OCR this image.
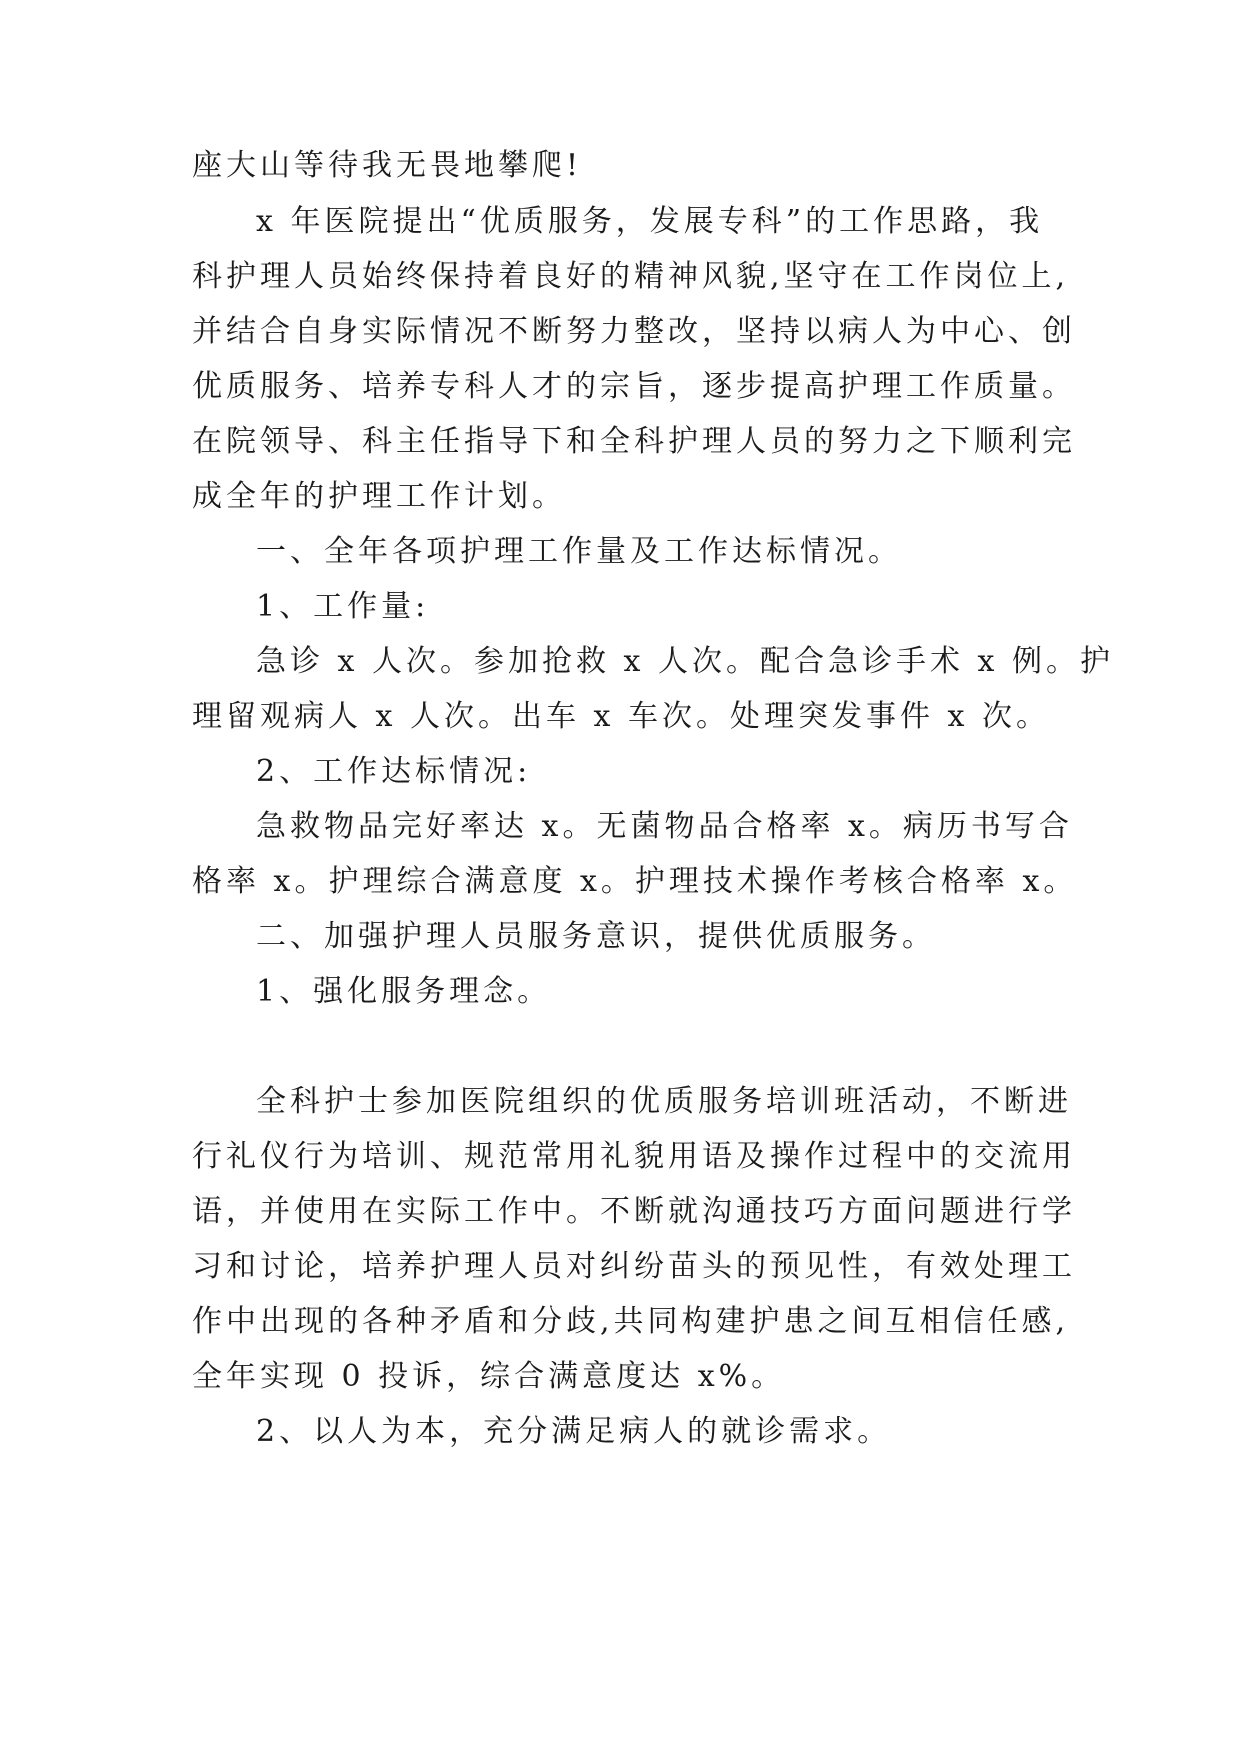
座大山等待我无畏地攀爬!
x 年医院提出“优质服务，发展专科”的工作思路，我
科护理人员始终保持着良好的精神风貌,坚守在工作岗位上,
并结合自身实际情况不断努力整改，坚持以病人为中心、创
优质服务、培养专科人才的宗旨，逐步提高护理工作质量。
在院领导、科主任指导下和全科护理人员的努力之下顺利完
成全年的护理工作计划。
一、全年各项护理工作量及工作达标情况。
1、工作量:
急诊 x 人次。参加抢救 x 人次。配合急诊手术 x 例。护
理留观病人 x 人次。出车 x 车次。处理突发事件 x 次。
2、工作达标情况:
急救物品完好率达 x。无菌物品合格率 x。病历书写合
格率 x。护理综合满意度 x。护理技术操作考核合格率 x。
二、加强护理人员服务意识，提供优质服务。
1、强化服务理念。
全科护士参加医院组织的优质服务培训班活动，不断进
行礼仪行为培训、规范常用礼貌用语及操作过程中的交流用
语，并使用在实际工作中。不断就沟通技巧方面问题进行学
习和讨论，培养护理人员对纠纷苗头的预见性，有效处理工
作中出现的各种矛盾和分歧,共同构建护患之间互相信任感,
全年实现 0 投诉，综合满意度达 x%。
2、以人为本，充分满足病人的就诊需求。
